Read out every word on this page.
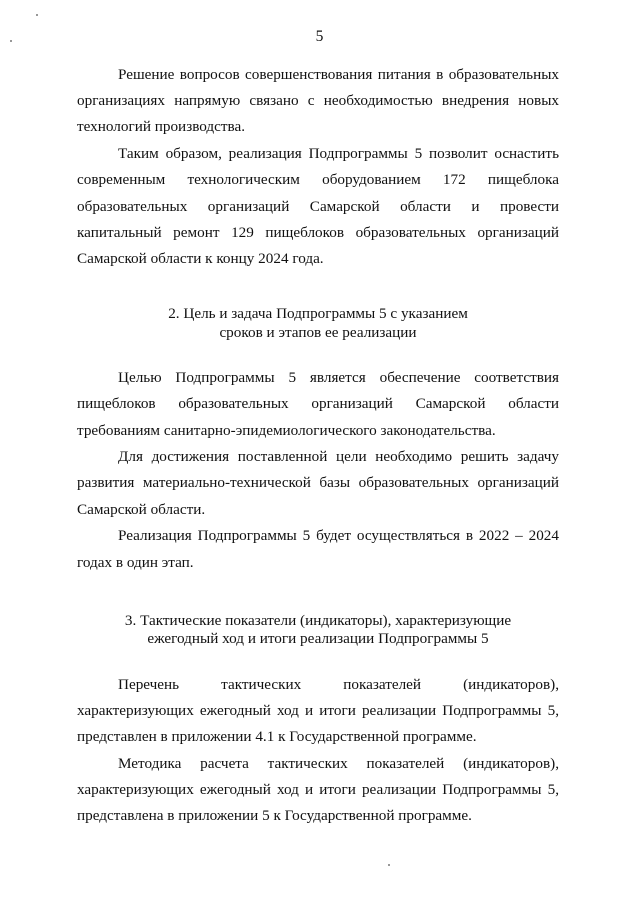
5

Решение вопросов совершенствования питания в образовательных организациях напрямую связано с необходимостью внедрения новых технологий производства.

Таким образом, реализация Подпрограммы 5 позволит оснастить современным технологическим оборудованием 172 пищеблока образовательных организаций Самарской области и провести капитальный ремонт 129 пищеблоков образовательных организаций Самарской области к концу 2024 года.

2. Цель и задача Подпрограммы 5 с указанием
сроков и этапов ее реализации

Целью Подпрограммы 5 является обеспечение соответствия пищеблоков образовательных организаций Самарской области требованиям санитарно-эпидемиологического законодательства.

Для достижения поставленной цели необходимо решить задачу развития материально-технической базы образовательных организаций Самарской области.

Реализация Подпрограммы 5 будет осуществляться в 2022 – 2024 годах в один этап.

3. Тактические показатели (индикаторы), характеризующие
ежегодный ход и итоги реализации Подпрограммы 5

Перечень тактических показателей (индикаторов), характеризующих ежегодный ход и итоги реализации Подпрограммы 5, представлен в приложении 4.1 к Государственной программе.

Методика расчета тактических показателей (индикаторов), характеризующих ежегодный ход и итоги реализации Подпрограммы 5, представлена в приложении 5 к Государственной программе.
